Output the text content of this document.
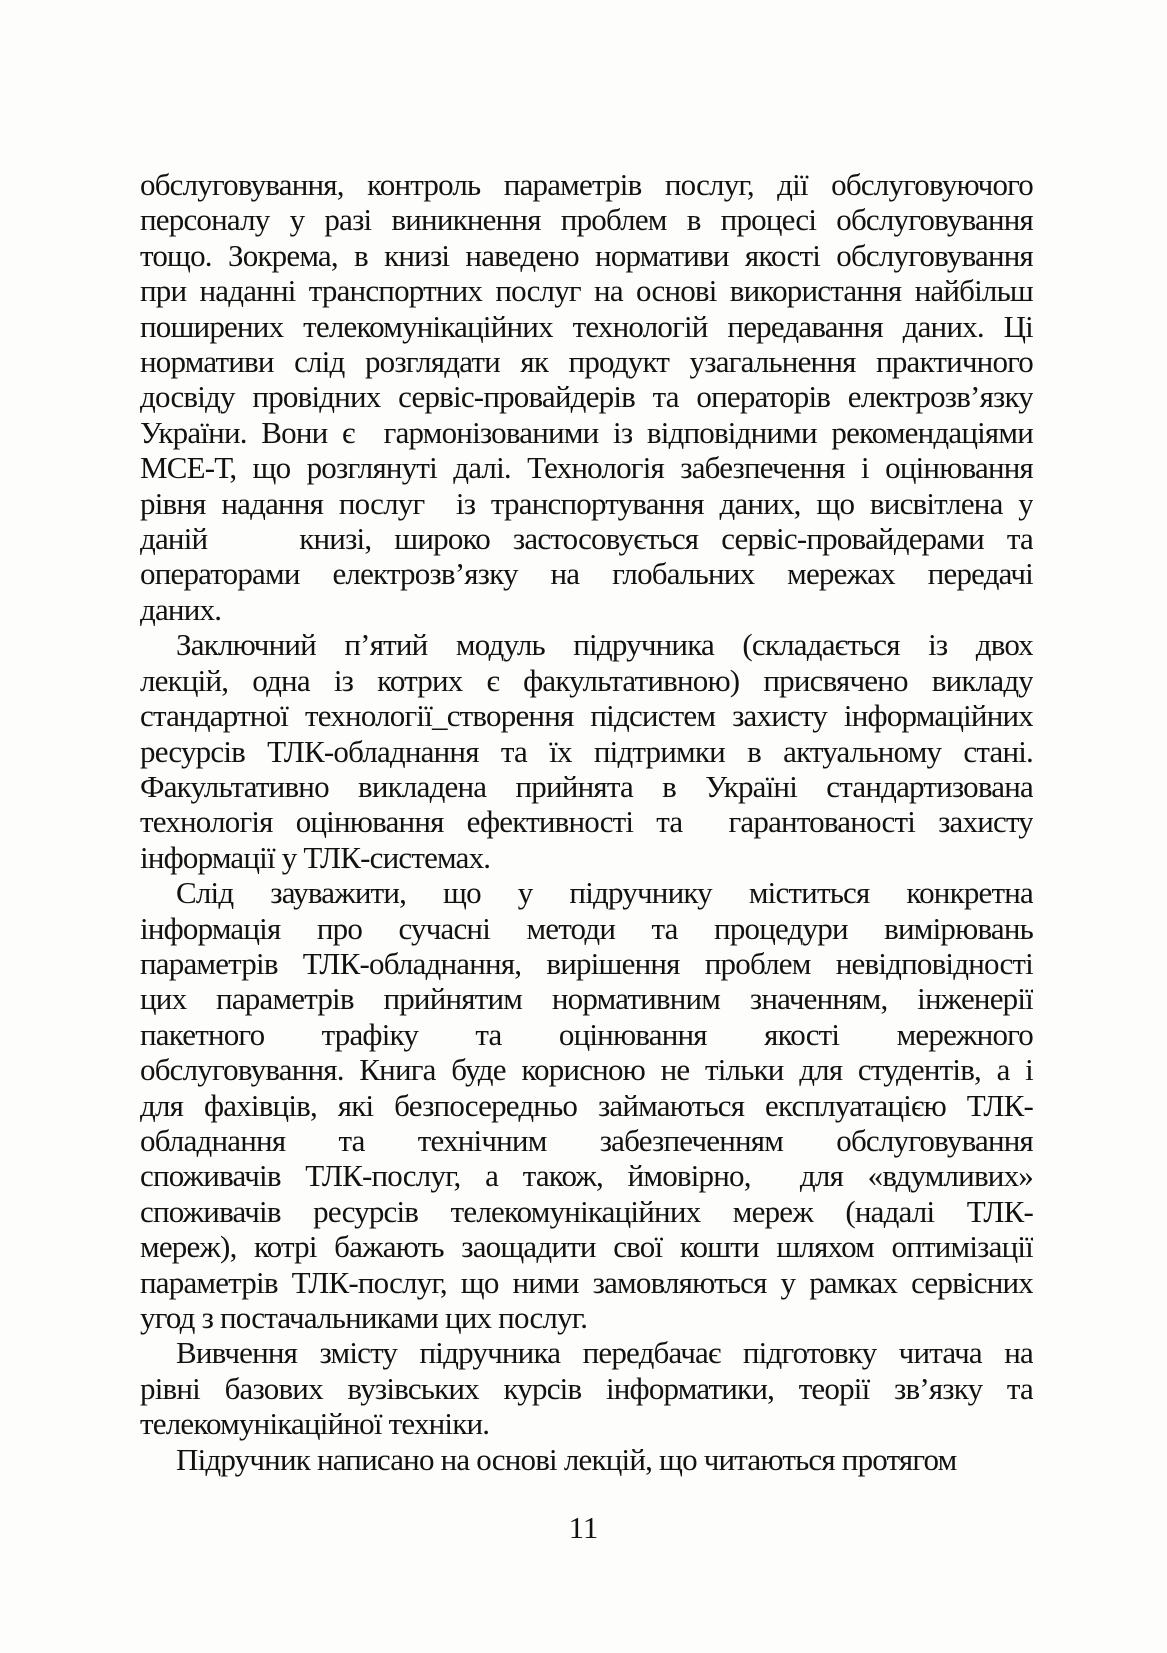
обслуговування, контроль параметрів послуг, дії обслуговуючого
персоналу у разі виникнення проблем в процесі обслуговування
тощо. Зокрема, в книзі наведено нормативи якості обслуговування
при наданні транспортних послуг на основі використання найбільш
поширених телекомунікаційних технологій передавання даних. Ці
нормативи слід розглядати як продукт узагальнення практичного
досвіду провідних сервіс-провайдерів та операторів електрозв’язку
України. Вони є  гармонізованими із відповідними рекомендаціями
МСЕ-Т, що розглянуті далі. Технологія забезпечення і оцінювання
рівня надання послуг  із транспортування даних, що висвітлена у
даній    книзі, широко застосовується сервіс-провайдерами та
операторами електрозв’язку на глобальних мережах передачі
даних.
Заключний п’ятий модуль підручника (складається із двох
лекцій, одна із котрих є факультативною) присвячено викладу
стандартної технології_створення підсистем захисту інформаційних
ресурсів ТЛК-обладнання та їх підтримки в актуальному стані.
Факультативно викладена прийнята в Україні стандартизована
технологія оцінювання ефективності та  гарантованості захисту
інформації у ТЛК-системах.
Слід зауважити, що у підручнику міститься конкретна
інформація про сучасні методи та процедури вимірювань
параметрів ТЛК-обладнання, вирішення проблем невідповідності
цих параметрів прийнятим нормативним значенням, інженерії
пакетного трафіку та оцінювання якості мережного
обслуговування. Книга буде корисною не тільки для студентів, а і
для фахівців, які безпосередньо займаються експлуатацією ТЛК-
обладнання та технічним забезпеченням обслуговування
споживачів ТЛК-послуг, а також, ймовірно,  для «вдумливих»
споживачів ресурсів телекомунікаційних мереж (надалі ТЛК-
мереж), котрі бажають заощадити свої кошти шляхом оптимізації
параметрів ТЛК-послуг, що ними замовляються у рамках сервісних
угод з постачальниками цих послуг.
Вивчення змісту підручника передбачає підготовку читача на
рівні базових вузівських курсів інформатики, теорії зв’язку та
телекомунікаційної техніки.
Підручник написано на основі лекцій, що читаються протягом
11
